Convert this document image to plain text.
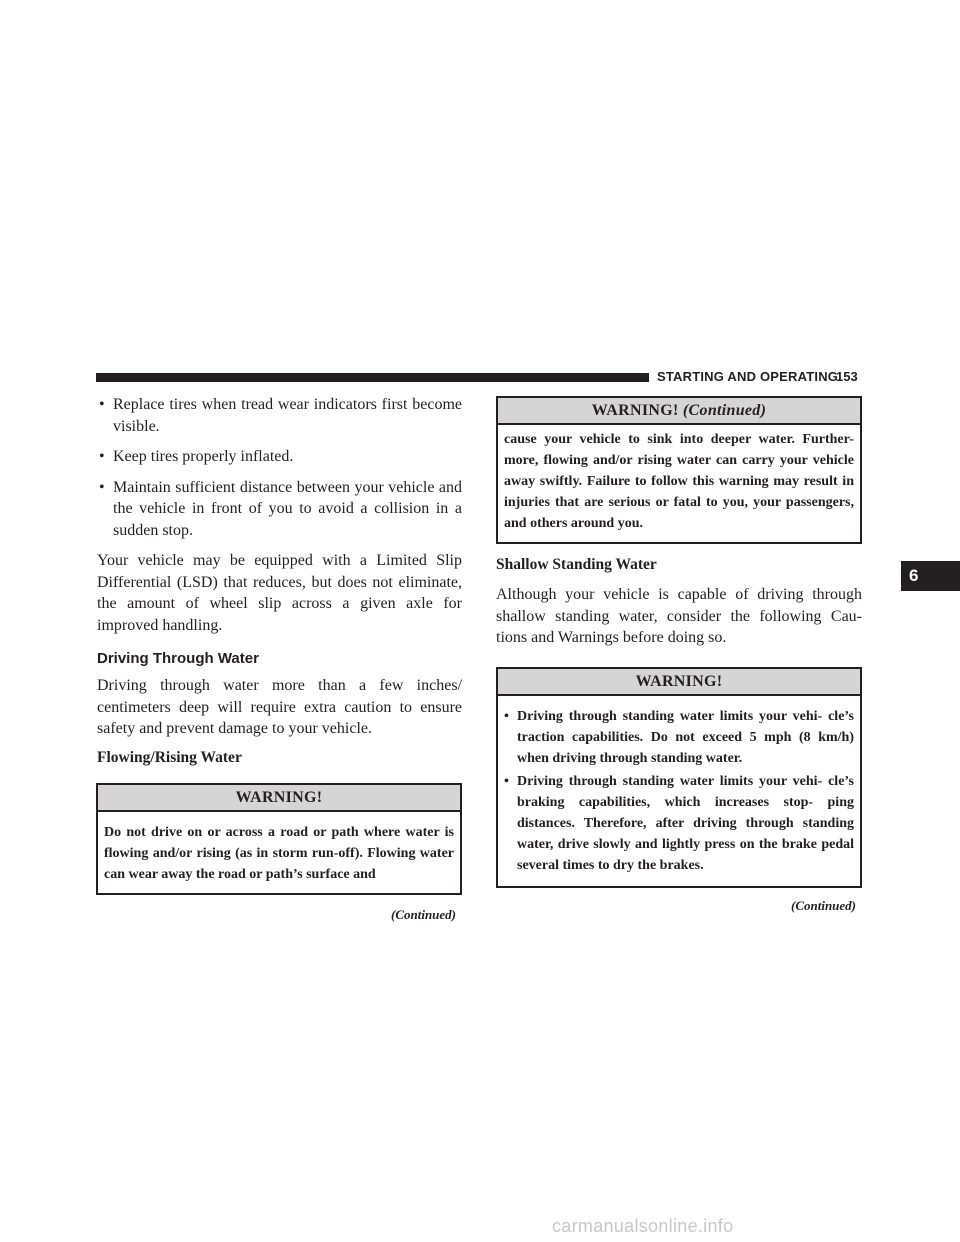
STARTING AND OPERATING
153
• Replace tires when tread wear indicators first become visible.
• Keep tires properly inflated.
• Maintain sufficient distance between your vehicle and the vehicle in front of you to avoid a collision in a sudden stop.

Your vehicle may be equipped with a Limited Slip Differential (LSD) that reduces, but does not eliminate, the amount of wheel slip across a given axle for improved handling.

Driving Through Water

Driving through water more than a few inches/ centimeters deep will require extra caution to ensure safety and prevent damage to your vehicle.

Flowing/Rising Water
WARNING!
Do not drive on or across a road or path where water is flowing and/or rising (as in storm run-off). Flowing water can wear away the road or path’s surface and
(Continued)
WARNING! (Continued)
cause your vehicle to sink into deeper water. Further- more, flowing and/or rising water can carry your vehicle away swiftly. Failure to follow this warning may result in injuries that are serious or fatal to you, your passengers, and others around you.
Shallow Standing Water

Although your vehicle is capable of driving through shallow standing water, consider the following Cau- tions and Warnings before doing so.

WARNING!
• Driving through standing water limits your vehi- cle’s traction capabilities. Do not exceed 5 mph (8 km/h) when driving through standing water.
• Driving through standing water limits your vehi- cle’s braking capabilities, which increases stop- ping distances. Therefore, after driving through standing water, drive slowly and lightly press on the brake pedal several times to dry the brakes.
(Continued)
6
carmanualsonline.info
